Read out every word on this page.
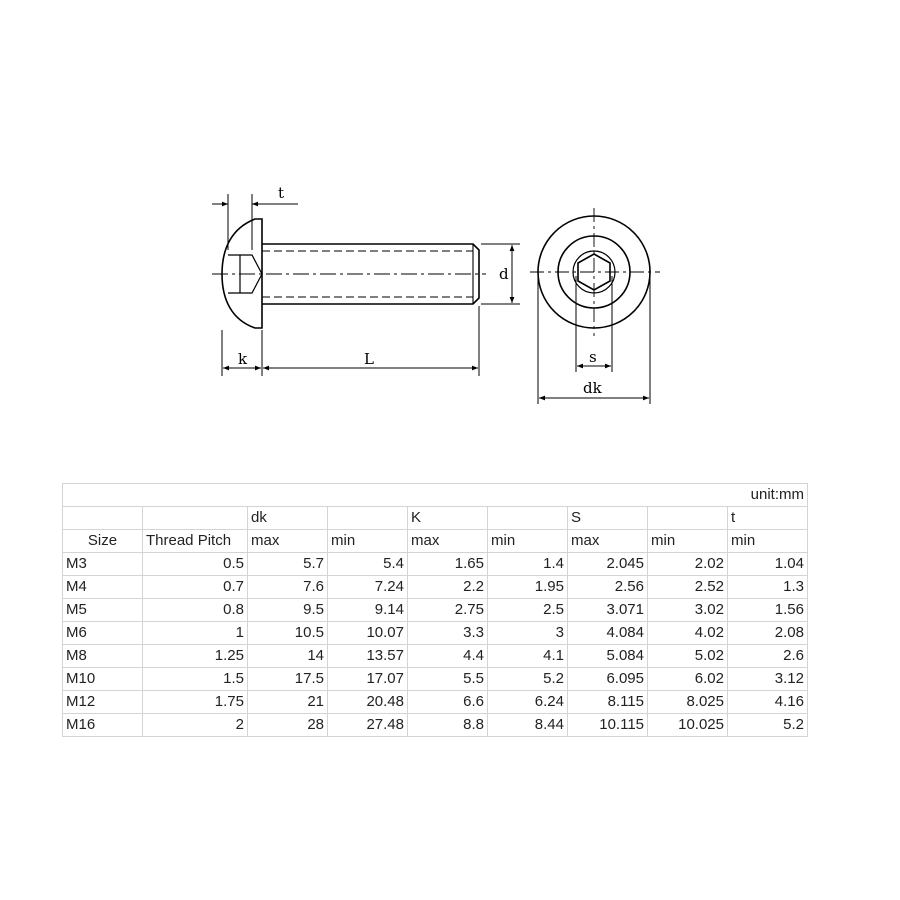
t
k	L
d
s
dk
unit:mm								
		dk		K		S		t
Size	Thread Pitch	max	min	max	min	max	min	min
M3	0.5	5.7	5.4	1.65	1.4	2.045	2.02	1.04
M4	0.7	7.6	7.24	2.2	1.95	2.56	2.52	1.3
M5	0.8	9.5	9.14	2.75	2.5	3.071	3.02	1.56
M6	1	10.5	10.07	3.3	3	4.084	4.02	2.08
M8	1.25	14	13.57	4.4	4.1	5.084	5.02	2.6
M10	1.5	17.5	17.07	5.5	5.2	6.095	6.02	3.12
M12	1.75	21	20.48	6.6	6.24	8.115	8.025	4.16
M16	2	28	27.48	8.8	8.44	10.115	10.025	5.2
